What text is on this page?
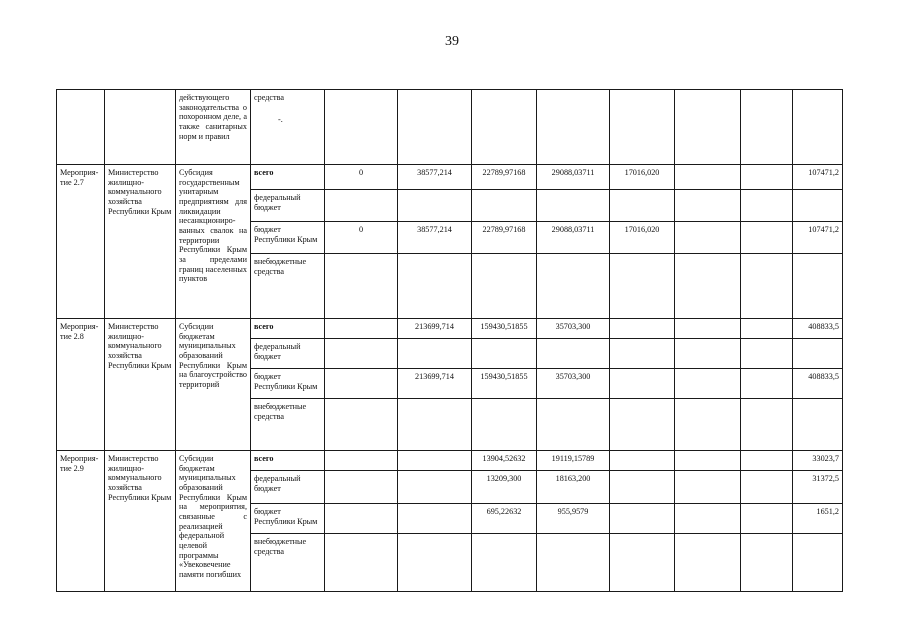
39
		действующего законодательства о похоронном деле, а также санитарных норм и правил	средства
-.								

Мероприя-тие 2.7	Министерство жилищно-коммунального хозяйства Республики Крым	Субсидия государственным унитарным предприятиям для ликвидации несанкциониро-ванных свалок на территории Республики Крым за пределами границ населенных пунктов	всего	0	38577,214	22789,97168	29088,03711	17016,020			107471,2
			федеральный бюджет								
			бюджет Республики Крым	0	38577,214	22789,97168	29088,03711	17016,020			107471,2
			внебюджетные средства								
Мероприя-тие 2.8	Министерство жилищно-коммунального хозяйства Республики Крым	Субсидии бюджетам муниципальных образований Республики Крым на благоустройство территорий	всего		213699,714	159430,51855	35703,300				408833,5
			федеральный бюджет								
			бюджет Республики Крым		213699,714	159430,51855	35703,300				408833,5
			внебюджетные средства								
Мероприя-тие 2.9	Министерство жилищно-коммунального хозяйства Республики Крым	Субсидии бюджетам муниципальных образований Республики Крым на мероприятия, связанные с реализацией федеральной целевой программы «Увековечение памяти погибших	всего			13904,52632	19119,15789				33023,7
			федеральный бюджет			13209,300	18163,200				31372,5
			бюджет Республики Крым			695,22632	955,9579				1651,2
			внебюджетные средства								
